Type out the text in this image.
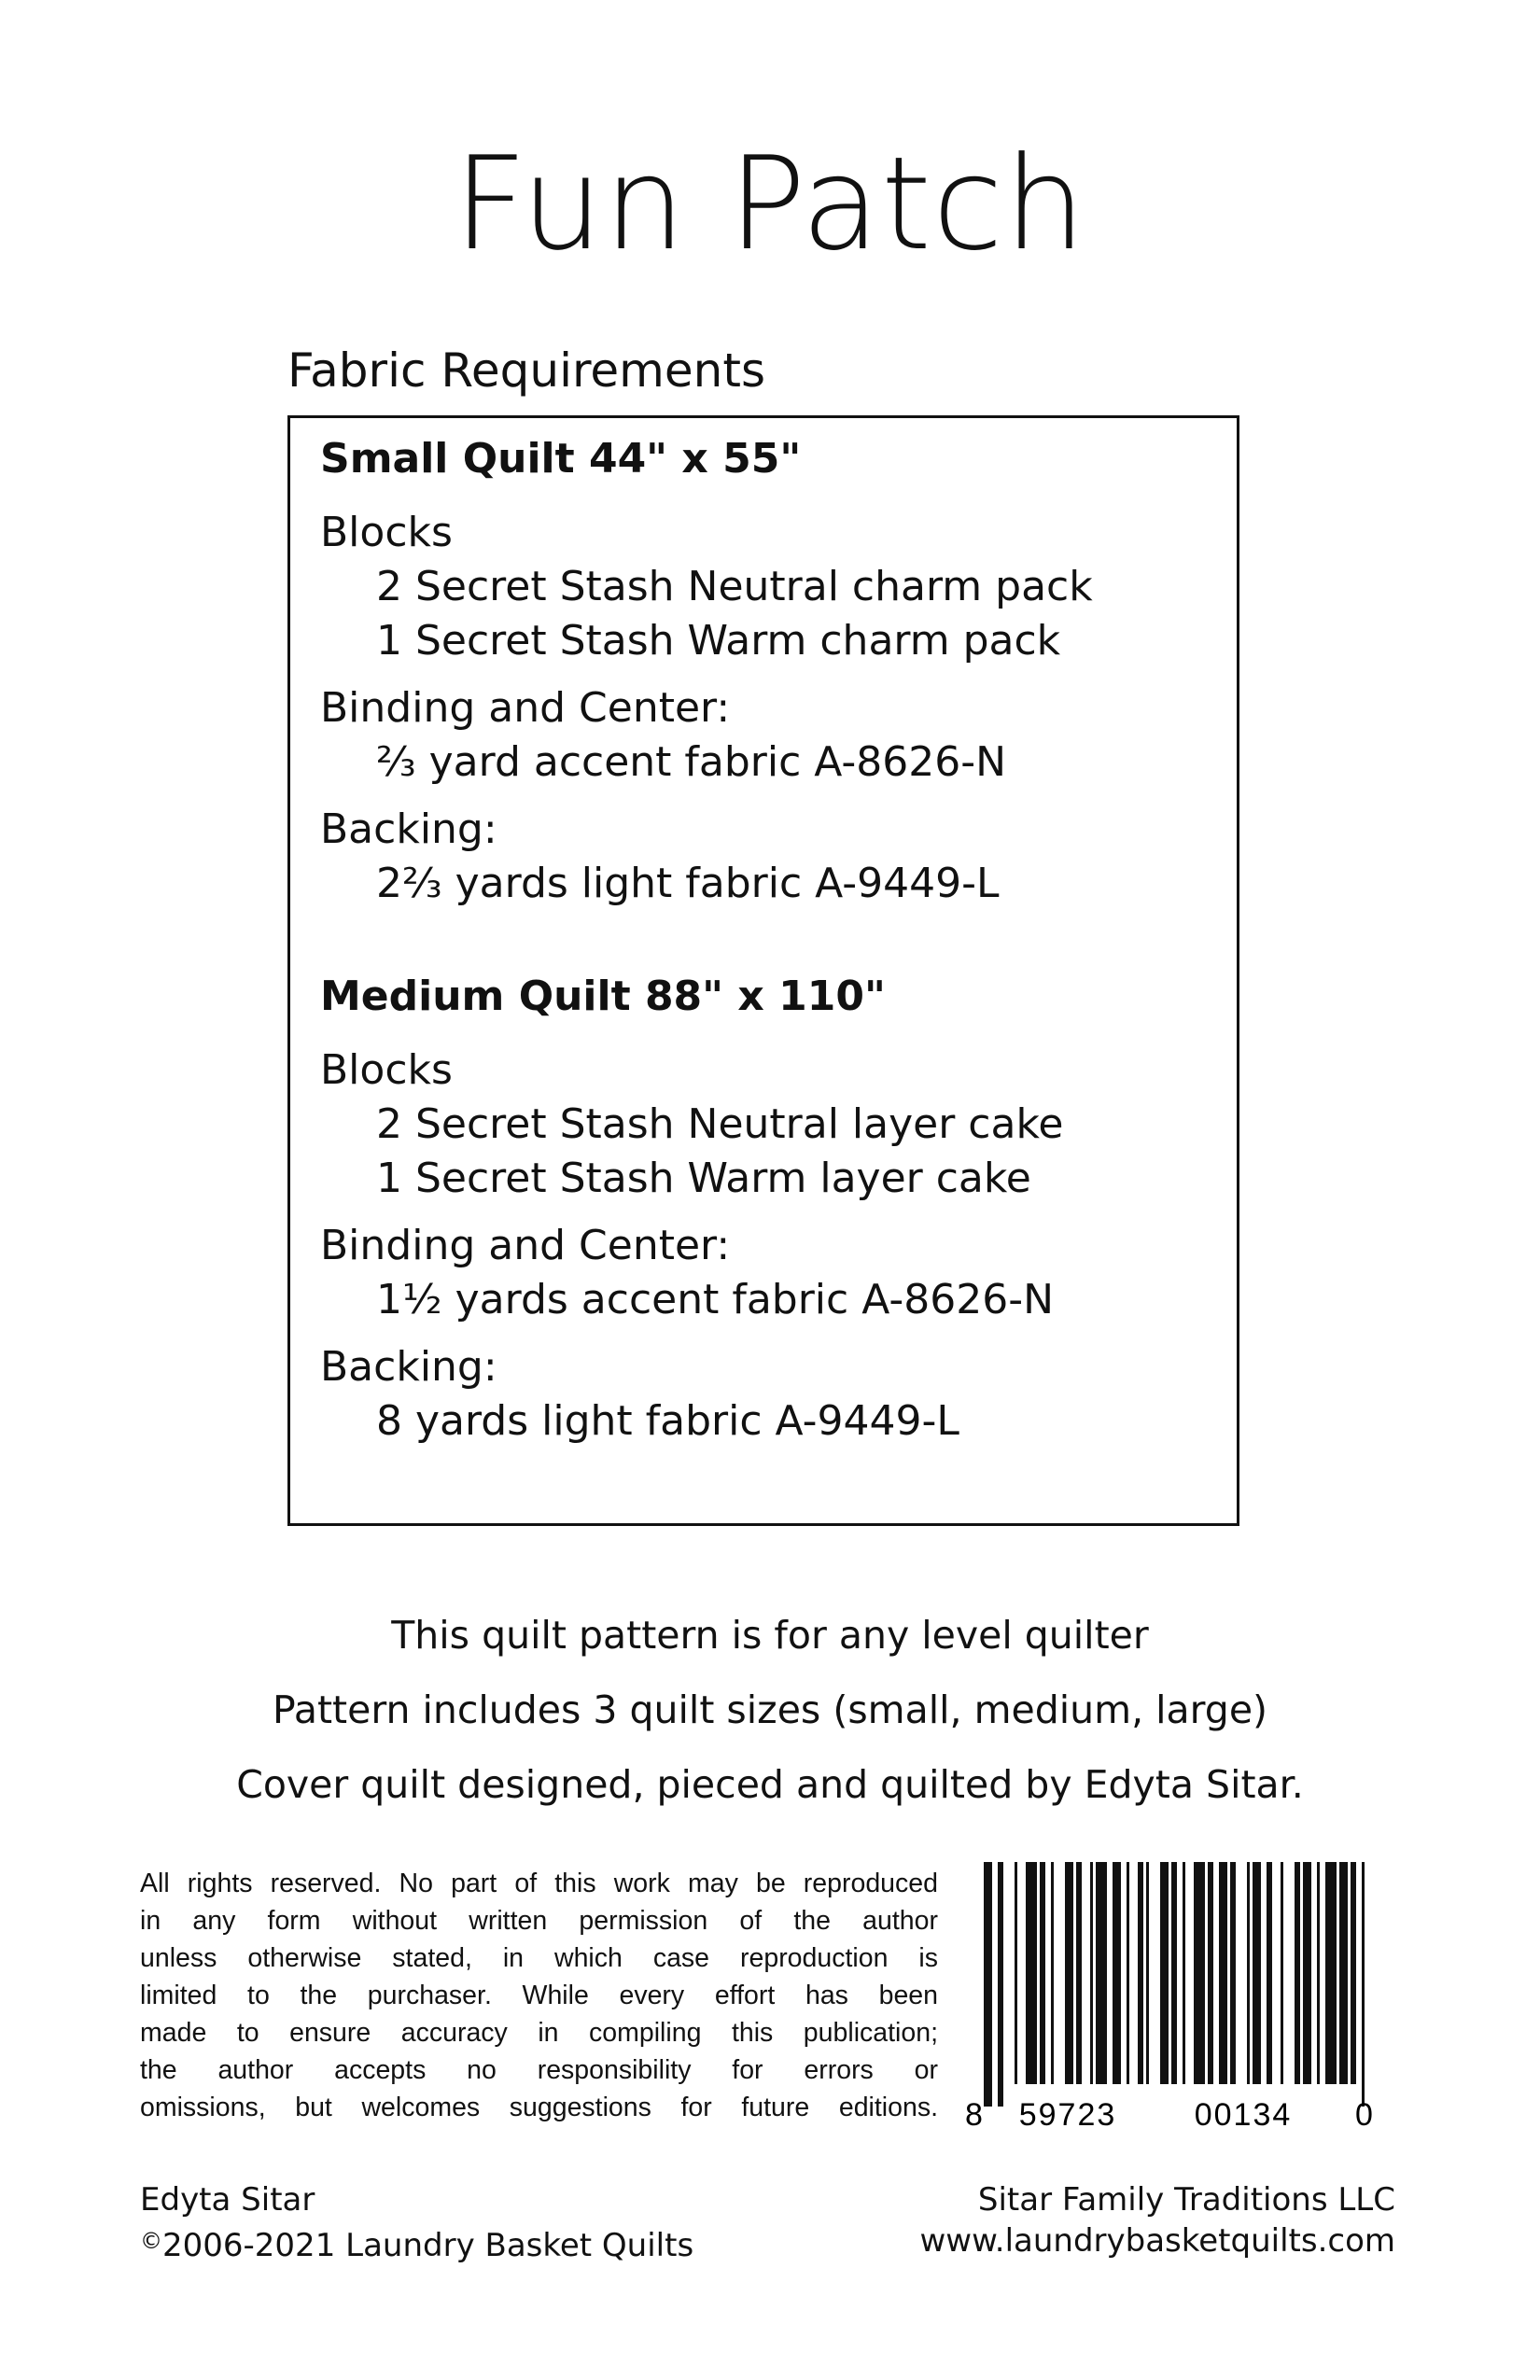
Fun Patch
Fabric Requirements
Small Quilt 44" x 55"
Blocks
2 Secret Stash Neutral charm pack
1 Secret Stash Warm charm pack
Binding and Center:
⅔ yard accent fabric A-8626-N
Backing:
2⅔ yards light fabric A-9449-L
Medium Quilt 88" x 110"
Blocks
2 Secret Stash Neutral layer cake
1 Secret Stash Warm layer cake
Binding and Center:
1½ yards accent fabric A-8626-N
Backing:
8 yards light fabric A-9449-L
This quilt pattern is for any level quilter
Pattern includes 3 quilt sizes (small, medium, large)
Cover quilt designed, pieced and quilted by Edyta Sitar.
All rights reserved. No part of this work may be reproduced
in any form without written permission of the author
unless otherwise stated, in which case reproduction is
limited to the purchaser. While every effort has been
made to ensure accuracy in compiling this publication;
the author accepts no responsibility for errors or
omissions, but welcomes suggestions for future editions. 8 59723 00134 0
Edyta Sitar
©2006-2021 Laundry Basket Quilts
Sitar Family Traditions LLC
www.laundrybasketquilts.com
